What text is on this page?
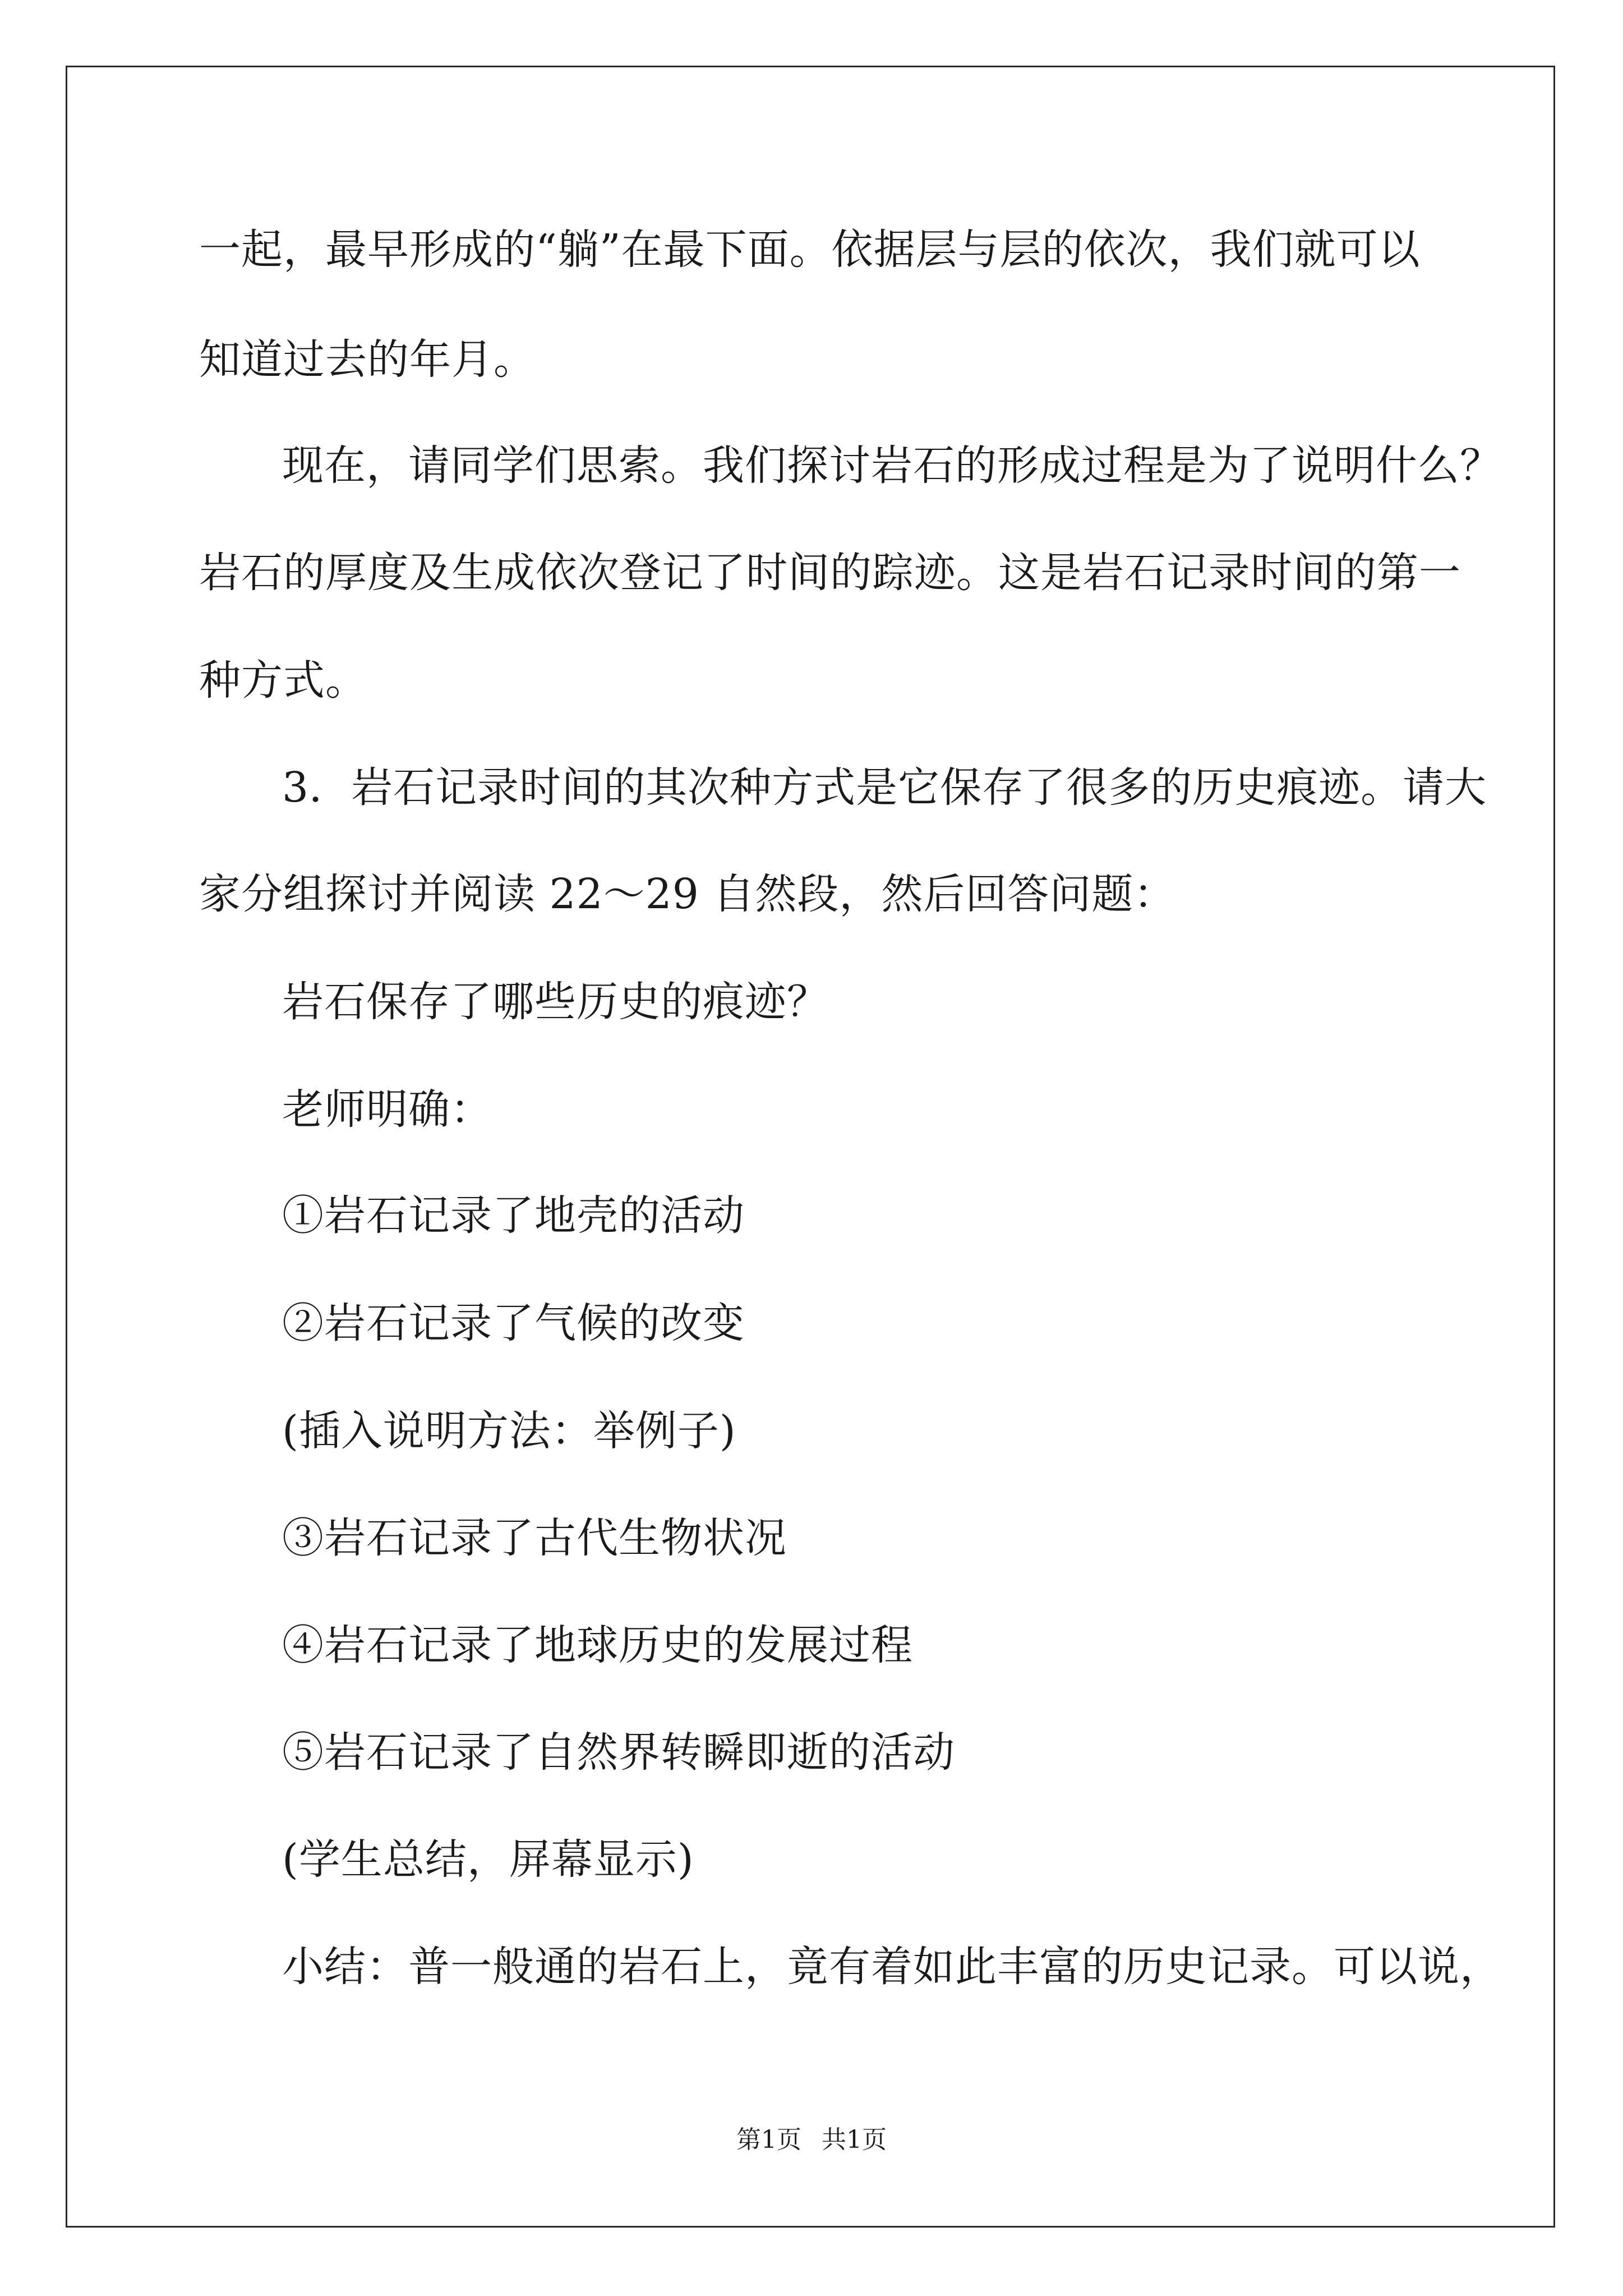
一起，最早形成的“躺”在最下面。依据层与层的依次，我们就可以
知道过去的年月。
现在，请同学们思索。我们探讨岩石的形成过程是为了说明什么？
岩石的厚度及生成依次登记了时间的踪迹。这是岩石记录时间的第一
种方式。
3．岩石记录时间的其次种方式是它保存了很多的历史痕迹。请大
家分组探讨并阅读 22～29 自然段，然后回答问题：
岩石保存了哪些历史的痕迹？
老师明确：
①岩石记录了地壳的活动
②岩石记录了气候的改变
(插入说明方法：举例子)
③岩石记录了古代生物状况
④岩石记录了地球历史的发展过程
⑤岩石记录了自然界转瞬即逝的活动
(学生总结，屏幕显示)
小结：普一般通的岩石上，竟有着如此丰富的历史记录。可以说，
第1页 共1页
